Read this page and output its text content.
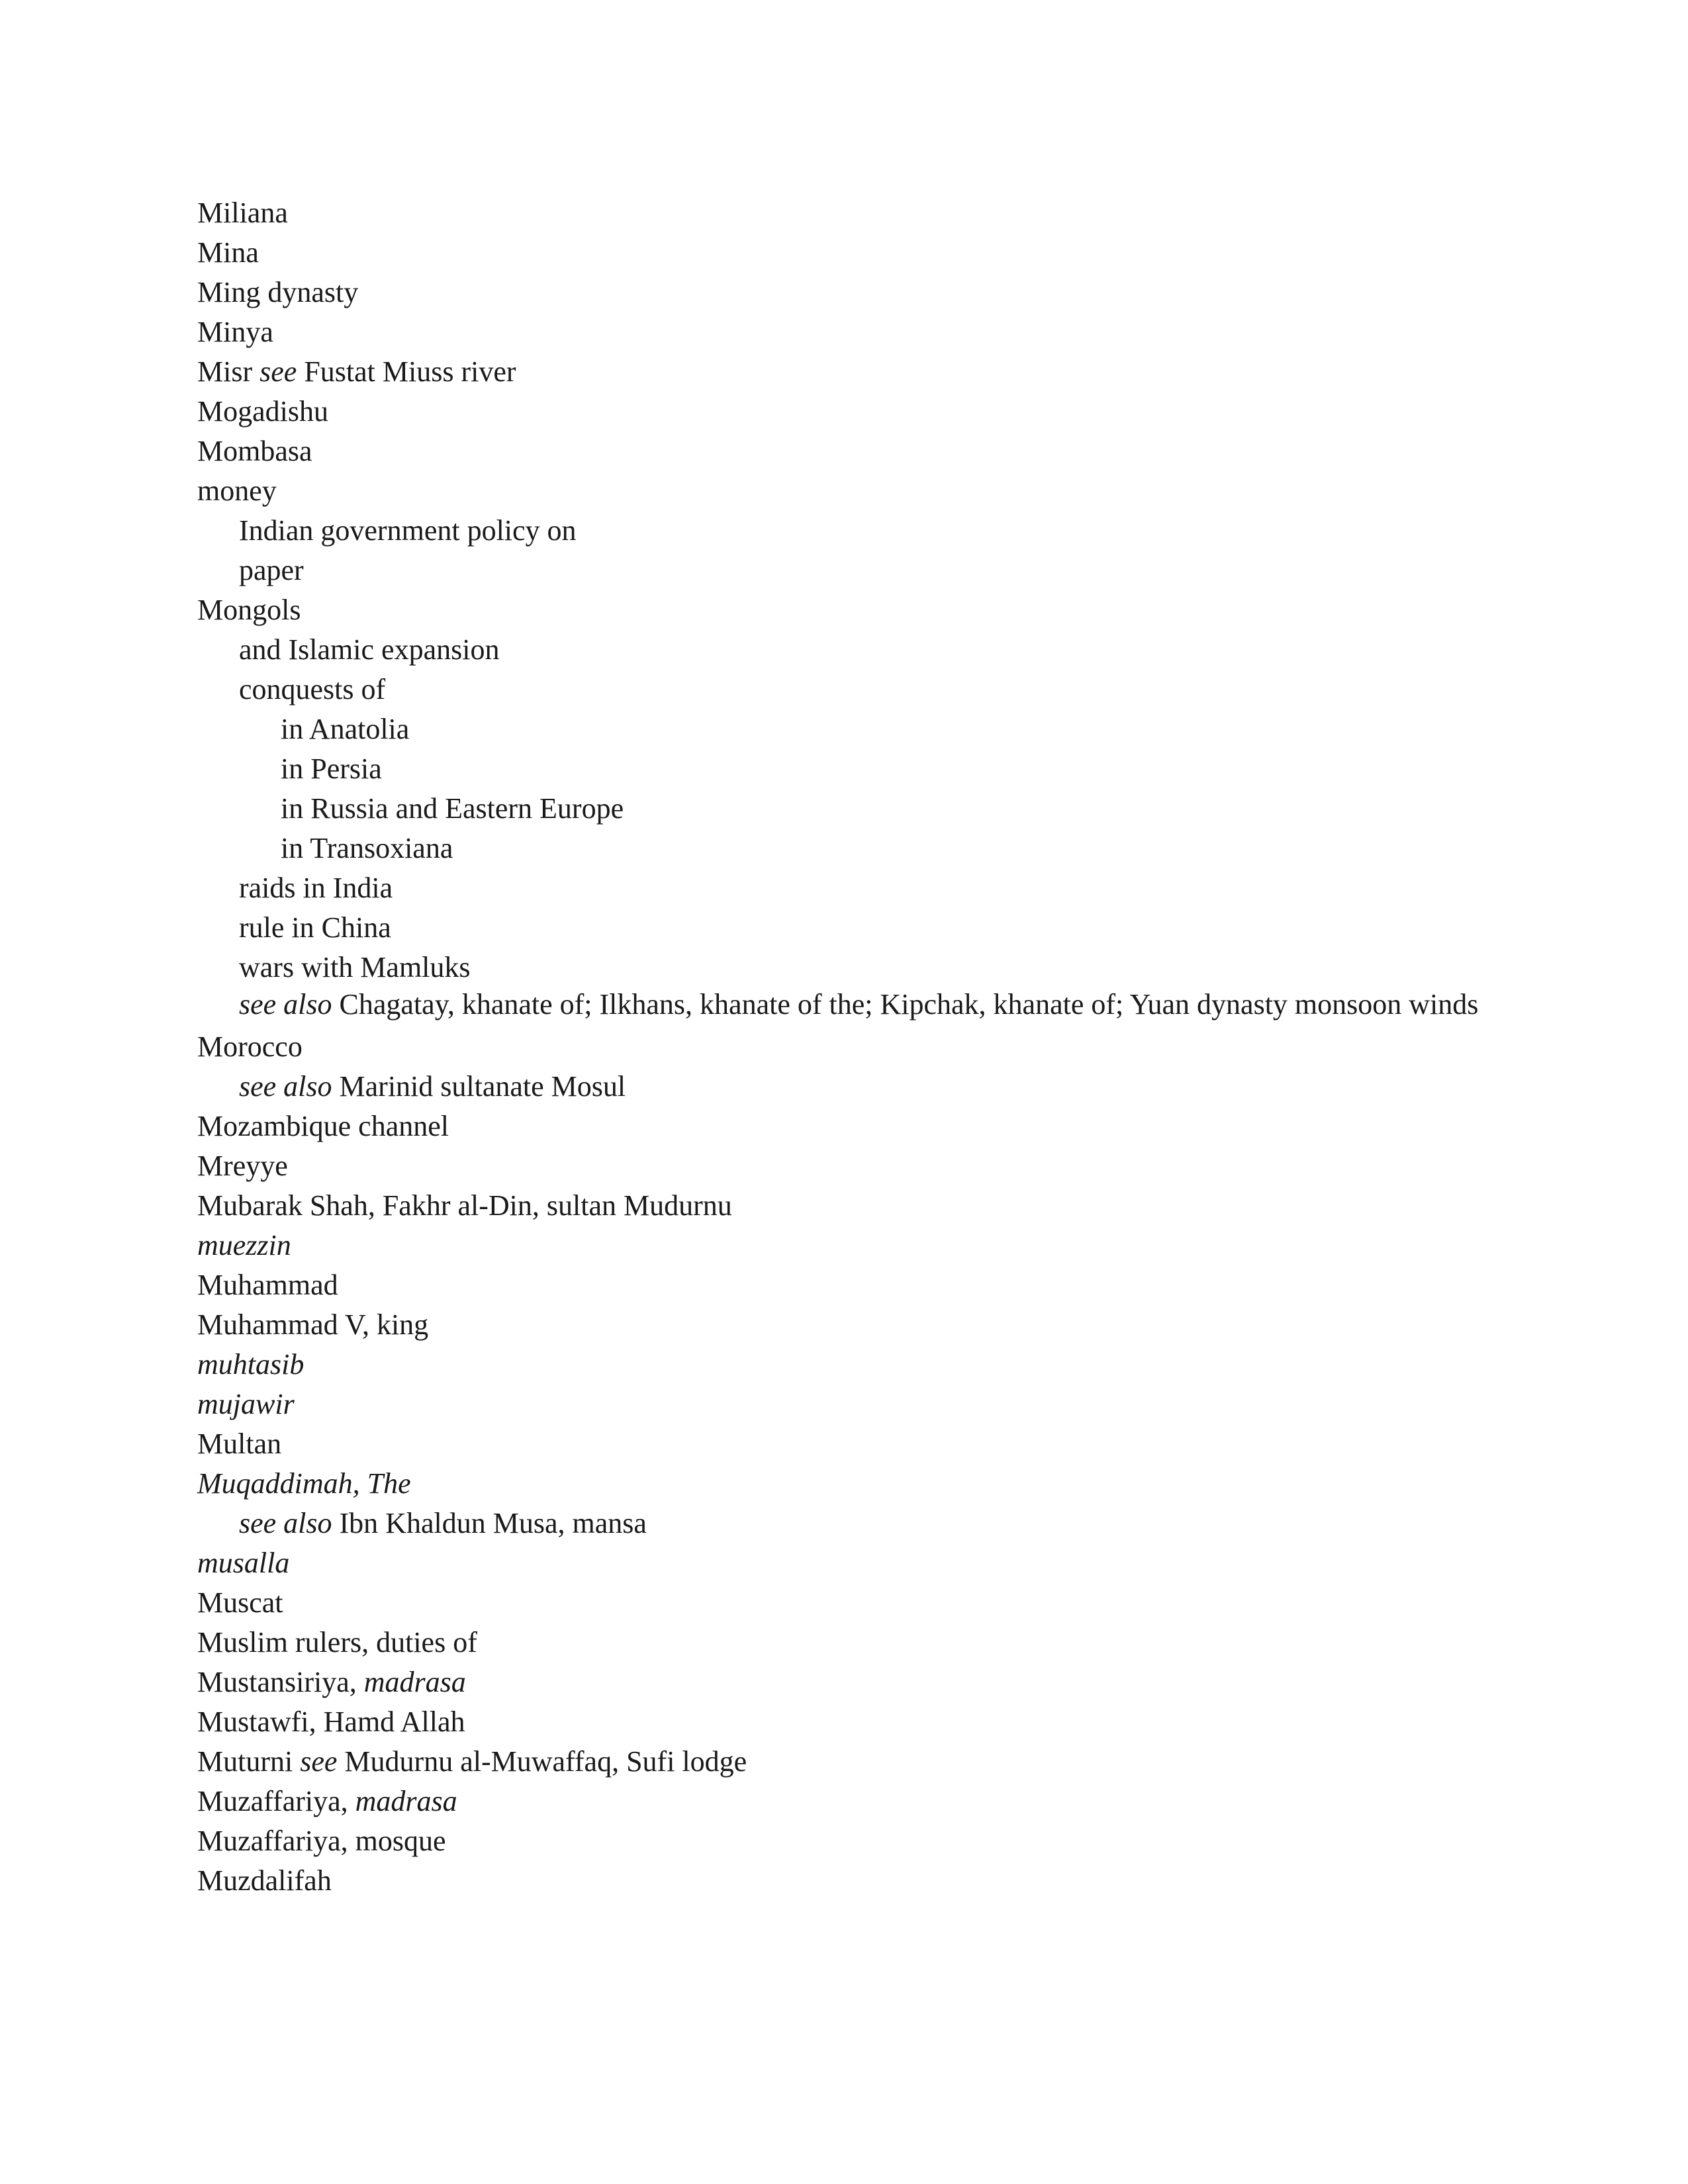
Miliana

Mina

Ming dynasty

Minya

Misr see Fustat Miuss river

Mogadishu

Mombasa

money

Indian government policy on

paper

Mongols

and Islamic expansion

conquests of

in Anatolia

in Persia

in Russia and Eastern Europe

in Transoxiana

raids in India

rule in China

wars with Mamluks

see also Chagatay, khanate of; Ilkhans, khanate of the; Kipchak, khanate of; Yuan dynasty monsoon winds

Morocco

see also Marinid sultanate Mosul

Mozambique channel

Mreyye

Mubarak Shah, Fakhr al-Din, sultan Mudurnu

muezzin

Muhammad

Muhammad V, king

muhtasib

mujawir

Multan

Muqaddimah, The

see also Ibn Khaldun Musa, mansa

musalla

Muscat

Muslim rulers, duties of

Mustansiriya, madrasa

Mustawfi, Hamd Allah

Muturni see Mudurnu al-Muwaffaq, Sufi lodge

Muzaffariya, madrasa

Muzaffariya, mosque

Muzdalifah
